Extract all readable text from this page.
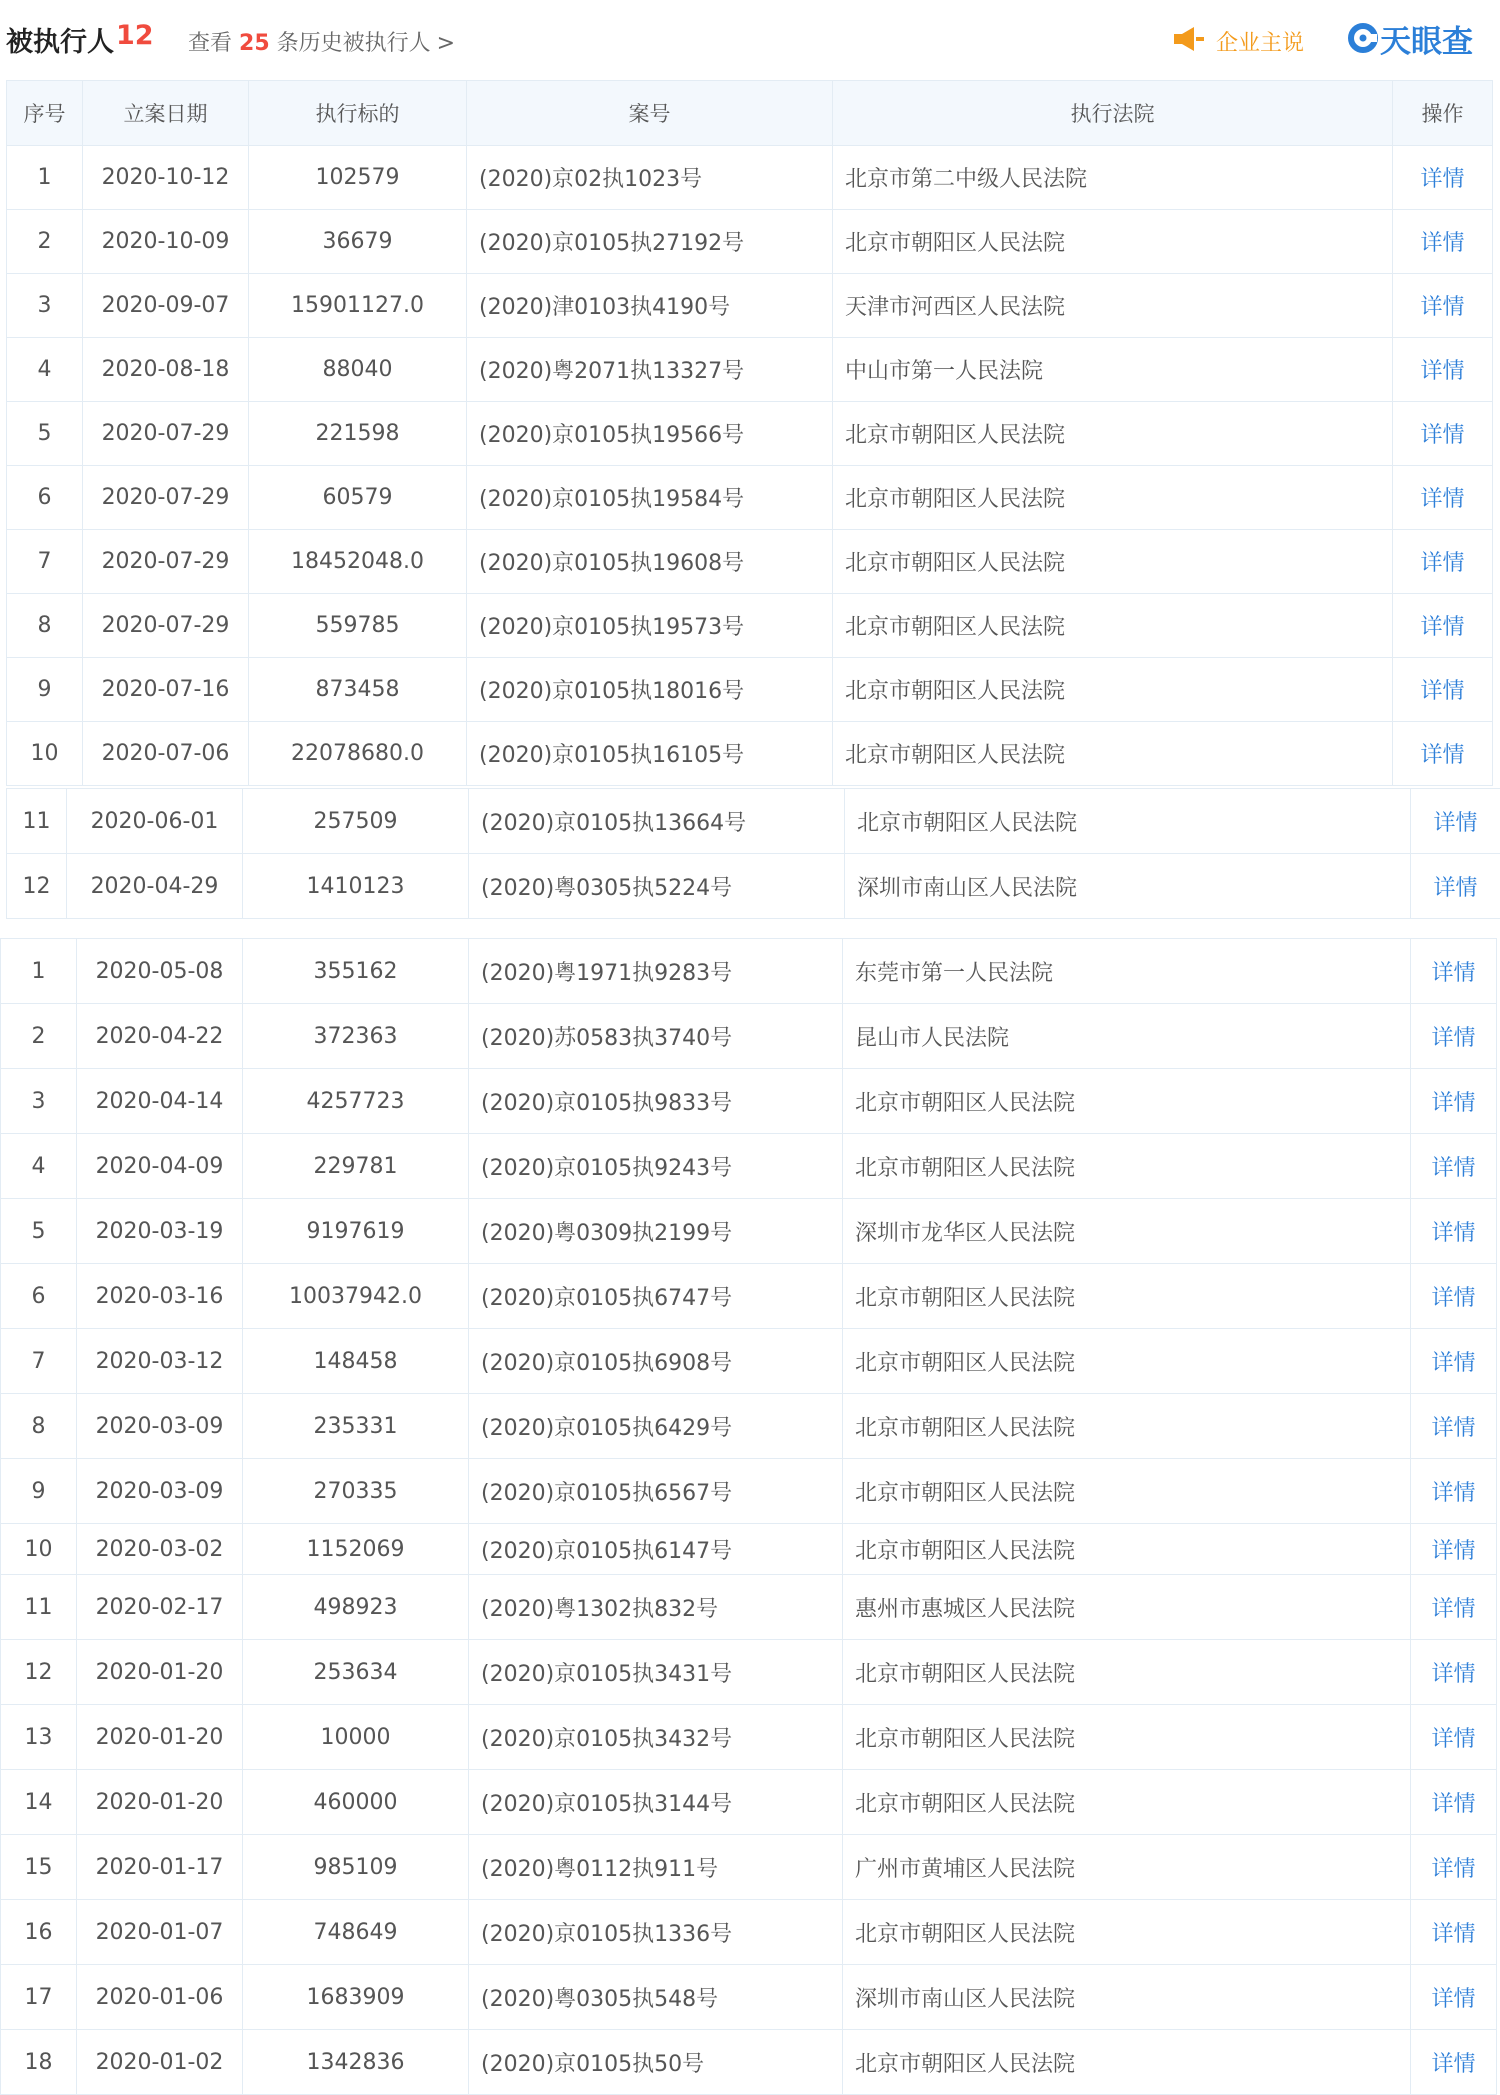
被执行人 12 查看 25 条历史被执行人 >	企业主说 天眼查
序号	立案日期	执行标的	案号	执行法院	操作
1	2020-10-12	102579	(2020)京02执1023号	北京市第二中级人民法院	详情
2	2020-10-09	36679	(2020)京0105执27192号	北京市朝阳区人民法院	详情
3	2020-09-07	15901127.0	(2020)津0103执4190号	天津市河西区人民法院	详情
4	2020-08-18	88040	(2020)粤2071执13327号	中山市第一人民法院	详情
5	2020-07-29	221598	(2020)京0105执19566号	北京市朝阳区人民法院	详情
6	2020-07-29	60579	(2020)京0105执19584号	北京市朝阳区人民法院	详情
7	2020-07-29	18452048.0	(2020)京0105执19608号	北京市朝阳区人民法院	详情
8	2020-07-29	559785	(2020)京0105执19573号	北京市朝阳区人民法院	详情
9	2020-07-16	873458	(2020)京0105执18016号	北京市朝阳区人民法院	详情
10	2020-07-06	22078680.0	(2020)京0105执16105号	北京市朝阳区人民法院	详情
11	2020-06-01	257509	(2020)京0105执13664号	北京市朝阳区人民法院	详情
12	2020-04-29	1410123	(2020)粤0305执5224号	深圳市南山区人民法院	详情
1	2020-05-08	355162	(2020)粤1971执9283号	东莞市第一人民法院	详情
2	2020-04-22	372363	(2020)苏0583执3740号	昆山市人民法院	详情
3	2020-04-14	4257723	(2020)京0105执9833号	北京市朝阳区人民法院	详情
4	2020-04-09	229781	(2020)京0105执9243号	北京市朝阳区人民法院	详情
5	2020-03-19	9197619	(2020)粤0309执2199号	深圳市龙华区人民法院	详情
6	2020-03-16	10037942.0	(2020)京0105执6747号	北京市朝阳区人民法院	详情
7	2020-03-12	148458	(2020)京0105执6908号	北京市朝阳区人民法院	详情
8	2020-03-09	235331	(2020)京0105执6429号	北京市朝阳区人民法院	详情
9	2020-03-09	270335	(2020)京0105执6567号	北京市朝阳区人民法院	详情
10	2020-03-02	1152069	(2020)京0105执6147号	北京市朝阳区人民法院	详情
11	2020-02-17	498923	(2020)粤1302执832号	惠州市惠城区人民法院	详情
12	2020-01-20	253634	(2020)京0105执3431号	北京市朝阳区人民法院	详情
13	2020-01-20	10000	(2020)京0105执3432号	北京市朝阳区人民法院	详情
14	2020-01-20	460000	(2020)京0105执3144号	北京市朝阳区人民法院	详情
15	2020-01-17	985109	(2020)粤0112执911号	广州市黄埔区人民法院	详情
16	2020-01-07	748649	(2020)京0105执1336号	北京市朝阳区人民法院	详情
17	2020-01-06	1683909	(2020)粤0305执548号	深圳市南山区人民法院	详情
18	2020-01-02	1342836	(2020)京0105执50号	北京市朝阳区人民法院	详情
